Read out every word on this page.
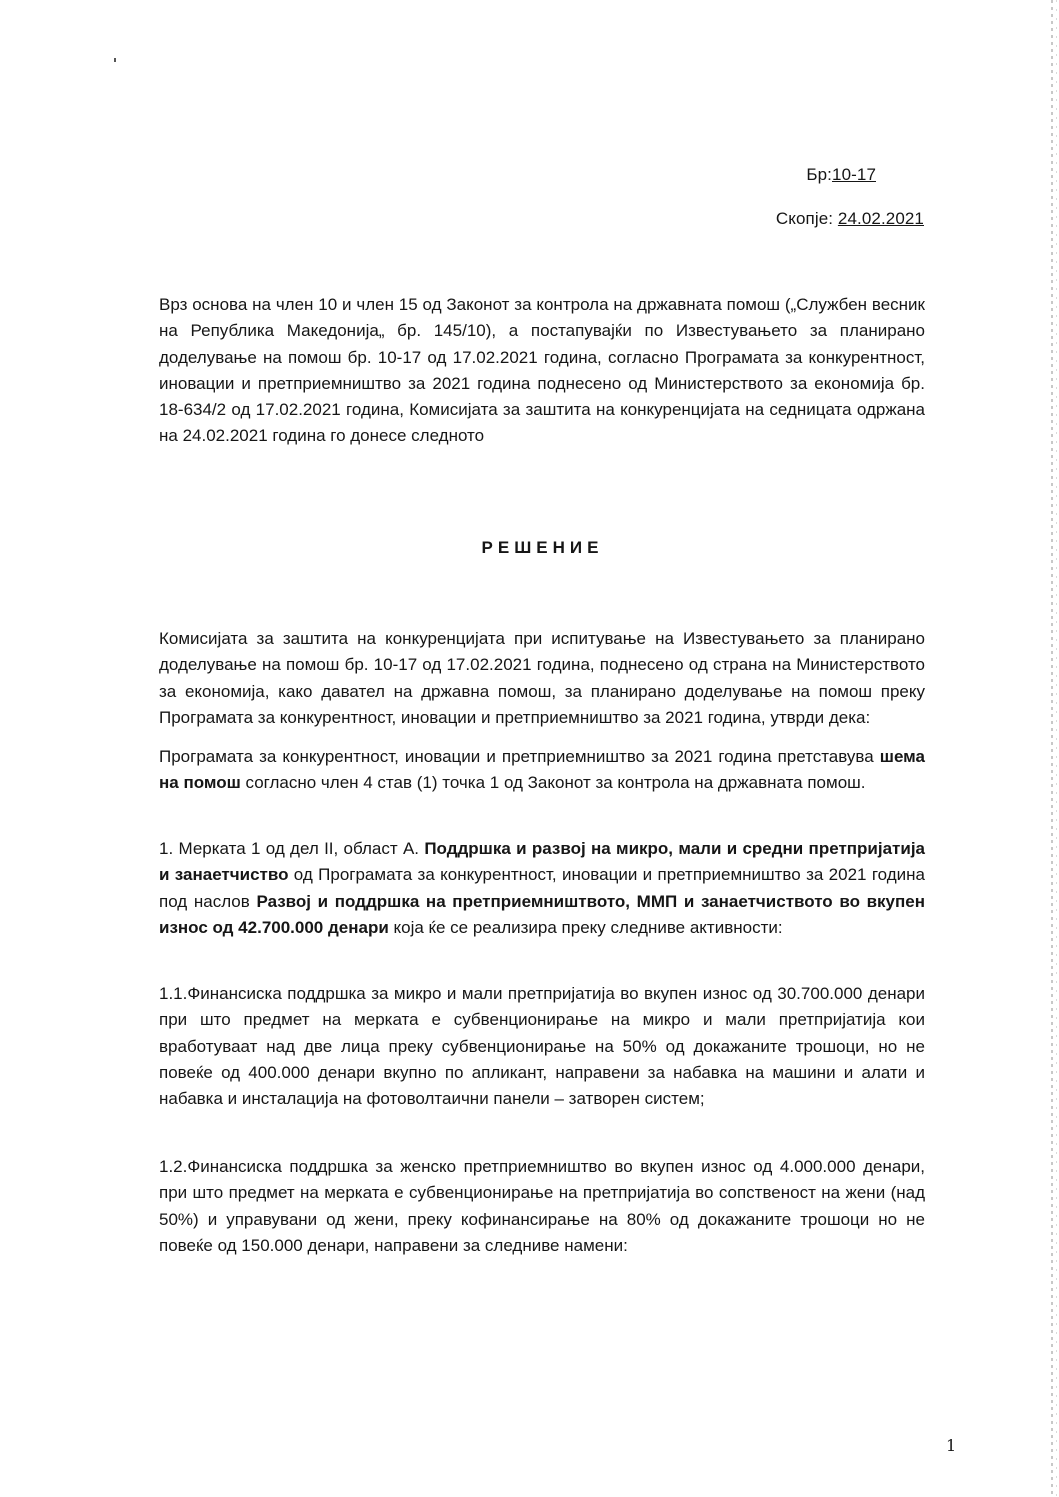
Бр:10-17
Скопје: 24.02.2021

Врз основа на член 10 и член 15 од Законот за контрола на државната помош („Службен весник на Република Македонија„ бр. 145/10), а постапувајќи по Известувањето за планирано доделување на помош бр. 10-17 од 17.02.2021 година, согласно Програмата за конкурентност, иновации и претприемништво за 2021 година поднесено од Министерството за економија бр. 18-634/2 од 17.02.2021 година, Комисијата за заштита на конкуренцијата на седницата одржана на 24.02.2021 година го донесе следното

РЕШЕНИЕ

Комисијата за заштита на конкуренцијата при испитување на Известувањето за планирано доделување на помош бр. 10-17 од 17.02.2021 година, поднесено од страна на Министерството за економија, како давател на државна помош, за планирано доделување на помош преку Програмата за конкурентност, иновации и претприемништво за 2021 година, утврди дека:

Програмата за конкурентност, иновации и претприемништво за 2021 година претставува шема на помош согласно член 4 став (1) точка 1 од Законот за контрола на државната помош.

1. Мерката 1 од дел II, област А. Поддршка и развој на микро, мали и средни претпријатија и занаетчиство од Програмата за конкурентност, иновации и претприемништво за 2021 година под наслов Развој и поддршка на претприемништвото, ММП и занаетчиството во вкупен износ од 42.700.000 денари која ќе се реализира преку следниве активности:

1.1.Финансиска поддршка за микро и мали претпријатија во вкупен износ од 30.700.000 денари при што предмет на мерката е субвенционирање на микро и мали претпријатија кои вработуваат над две лица преку субвенционирање на 50% од докажаните трошоци, но не повеќе од 400.000 денари вкупно по апликант, направени за набавка на машини и алати и набавка и инсталација на фотоволтаични панели – затворен систем;

1.2.Финансиска поддршка за женско претприемништво во вкупен износ од 4.000.000 денари, при што предмет на мерката е субвенционирање на претпријатија во сопственост на жени (над 50%) и управувани од жени, преку кофинансирање на 80% од докажаните трошоци но не повеќе од 150.000 денари, направени за следниве намени:

1
